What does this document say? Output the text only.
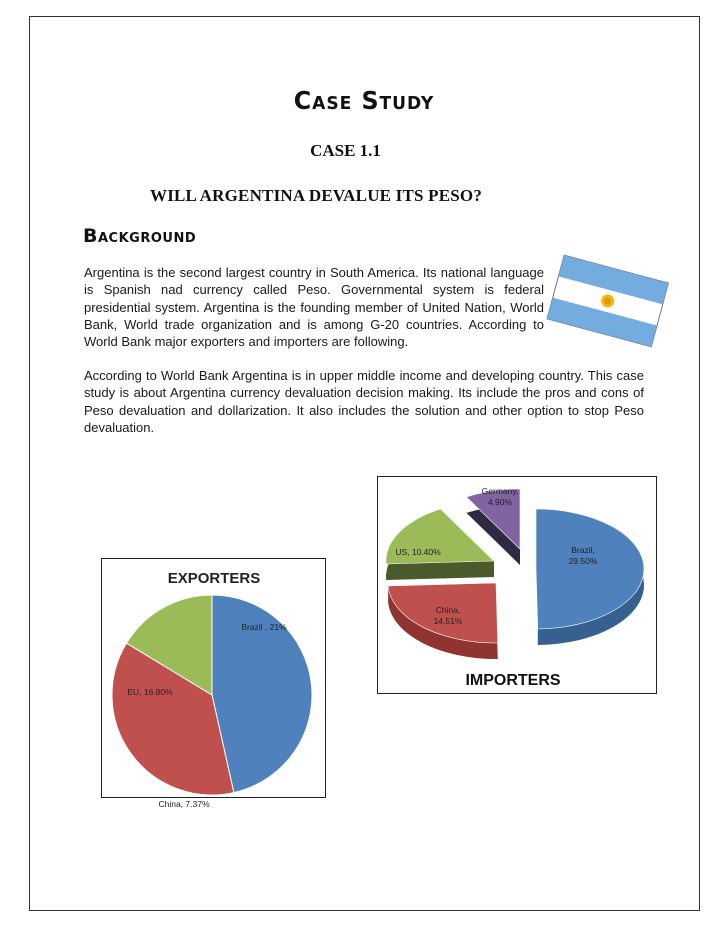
Case Study
CASE 1.1
WILL ARGENTINA DEVALUE ITS PESO?
Background
Argentina is the second largest country in South America. Its national language is Spanish nad currency called Peso. Governmental system is federal presidential system. Argentina is the founding member of United Nation, World Bank, World trade organization and is among G-20 countries. According to World Bank major exporters and importers are following.
According to World Bank Argentina is in upper middle income and developing country. This case study is about Argentina currency devaluation decision making. Its include the pros and cons of Peso devaluation and dollarization. It also includes the solution and other option to stop Peso devaluation.
EXPORTERS
Brazil , 21%
EU, 16.80%
China, 7.37%
Brazil,
29.50%
China,
14.51%
US, 10.40%
Germany,
4.90%
IMPORTERS
